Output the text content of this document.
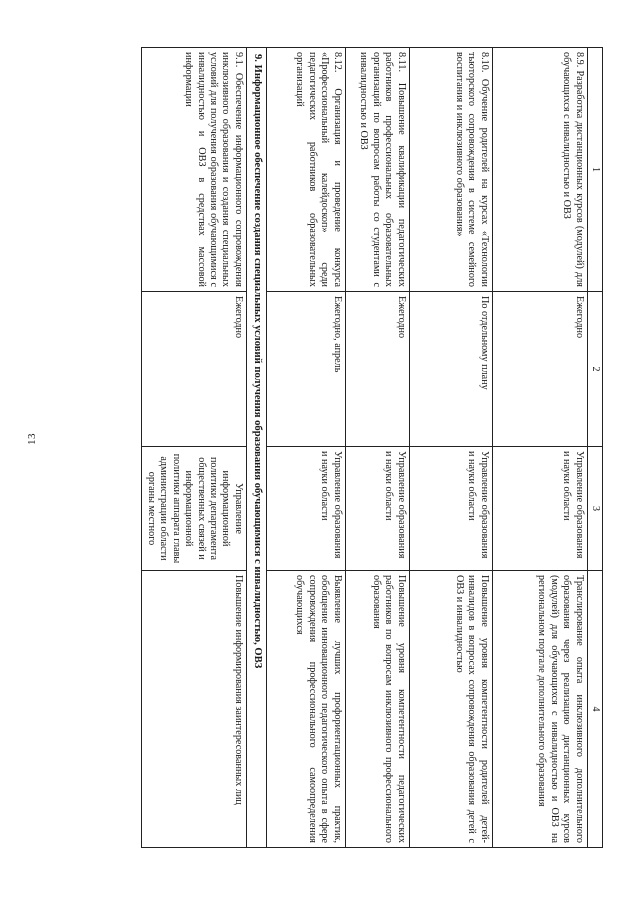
13
1	2	3	4
8.9. Разработка дистанционных курсов (модулей) для обучающихся с инвалидностью и ОВЗ	Ежегодно	Управление образования и науки области	Транслирование опыта инклюзивного дополнительного образования через реализацию дистанционных курсов (модулей) для обучающихся с инвалидностью и ОВЗ на региональном портале дополнительного образования
8.10. Обучение родителей на курсах «Технологии тьюторского сопровождения в системе семейного воспитания и инклюзивного образования»	По отдельному плану	Управление образования и науки области	Повышение уровня компетентности родителей детей-инвалидов в вопросах сопровождения образования детей с ОВЗ и инвалидностью
8.11. Повышение квалификации педагогических работников профессиональных образовательных организаций по вопросам работы со студентами с инвалидностью и ОВЗ	Ежегодно	Управление образования и науки области	Повышение уровня компетентности педагогических работников по вопросам инклюзивного профессионального образования
8.12. Организация и проведение конкурса «Профессиональный калейдоскоп» среди педагогических работников образовательных организаций	Ежегодно, апрель	Управление образования и науки области	Выявление лучших профориентационных практик, обобщение инновационного педагогического опыта в сфере сопровождения профессионального самоопределения обучающихся
9. Информационное обеспечение создания специальных условий получения образования обучающимися с инвалидностью, ОВЗ			
9.1. Обеспечение информационного сопровождения инклюзивного образования и создания специальных условий для получения образования обучающимися с инвалидностью и ОВЗ в средствах массовой информации	Ежегодно	Управление информационной политики департамента общественных связей и информационной политики аппарата главы администрации области органы местного	Повышение информирования заинтересованных лиц
